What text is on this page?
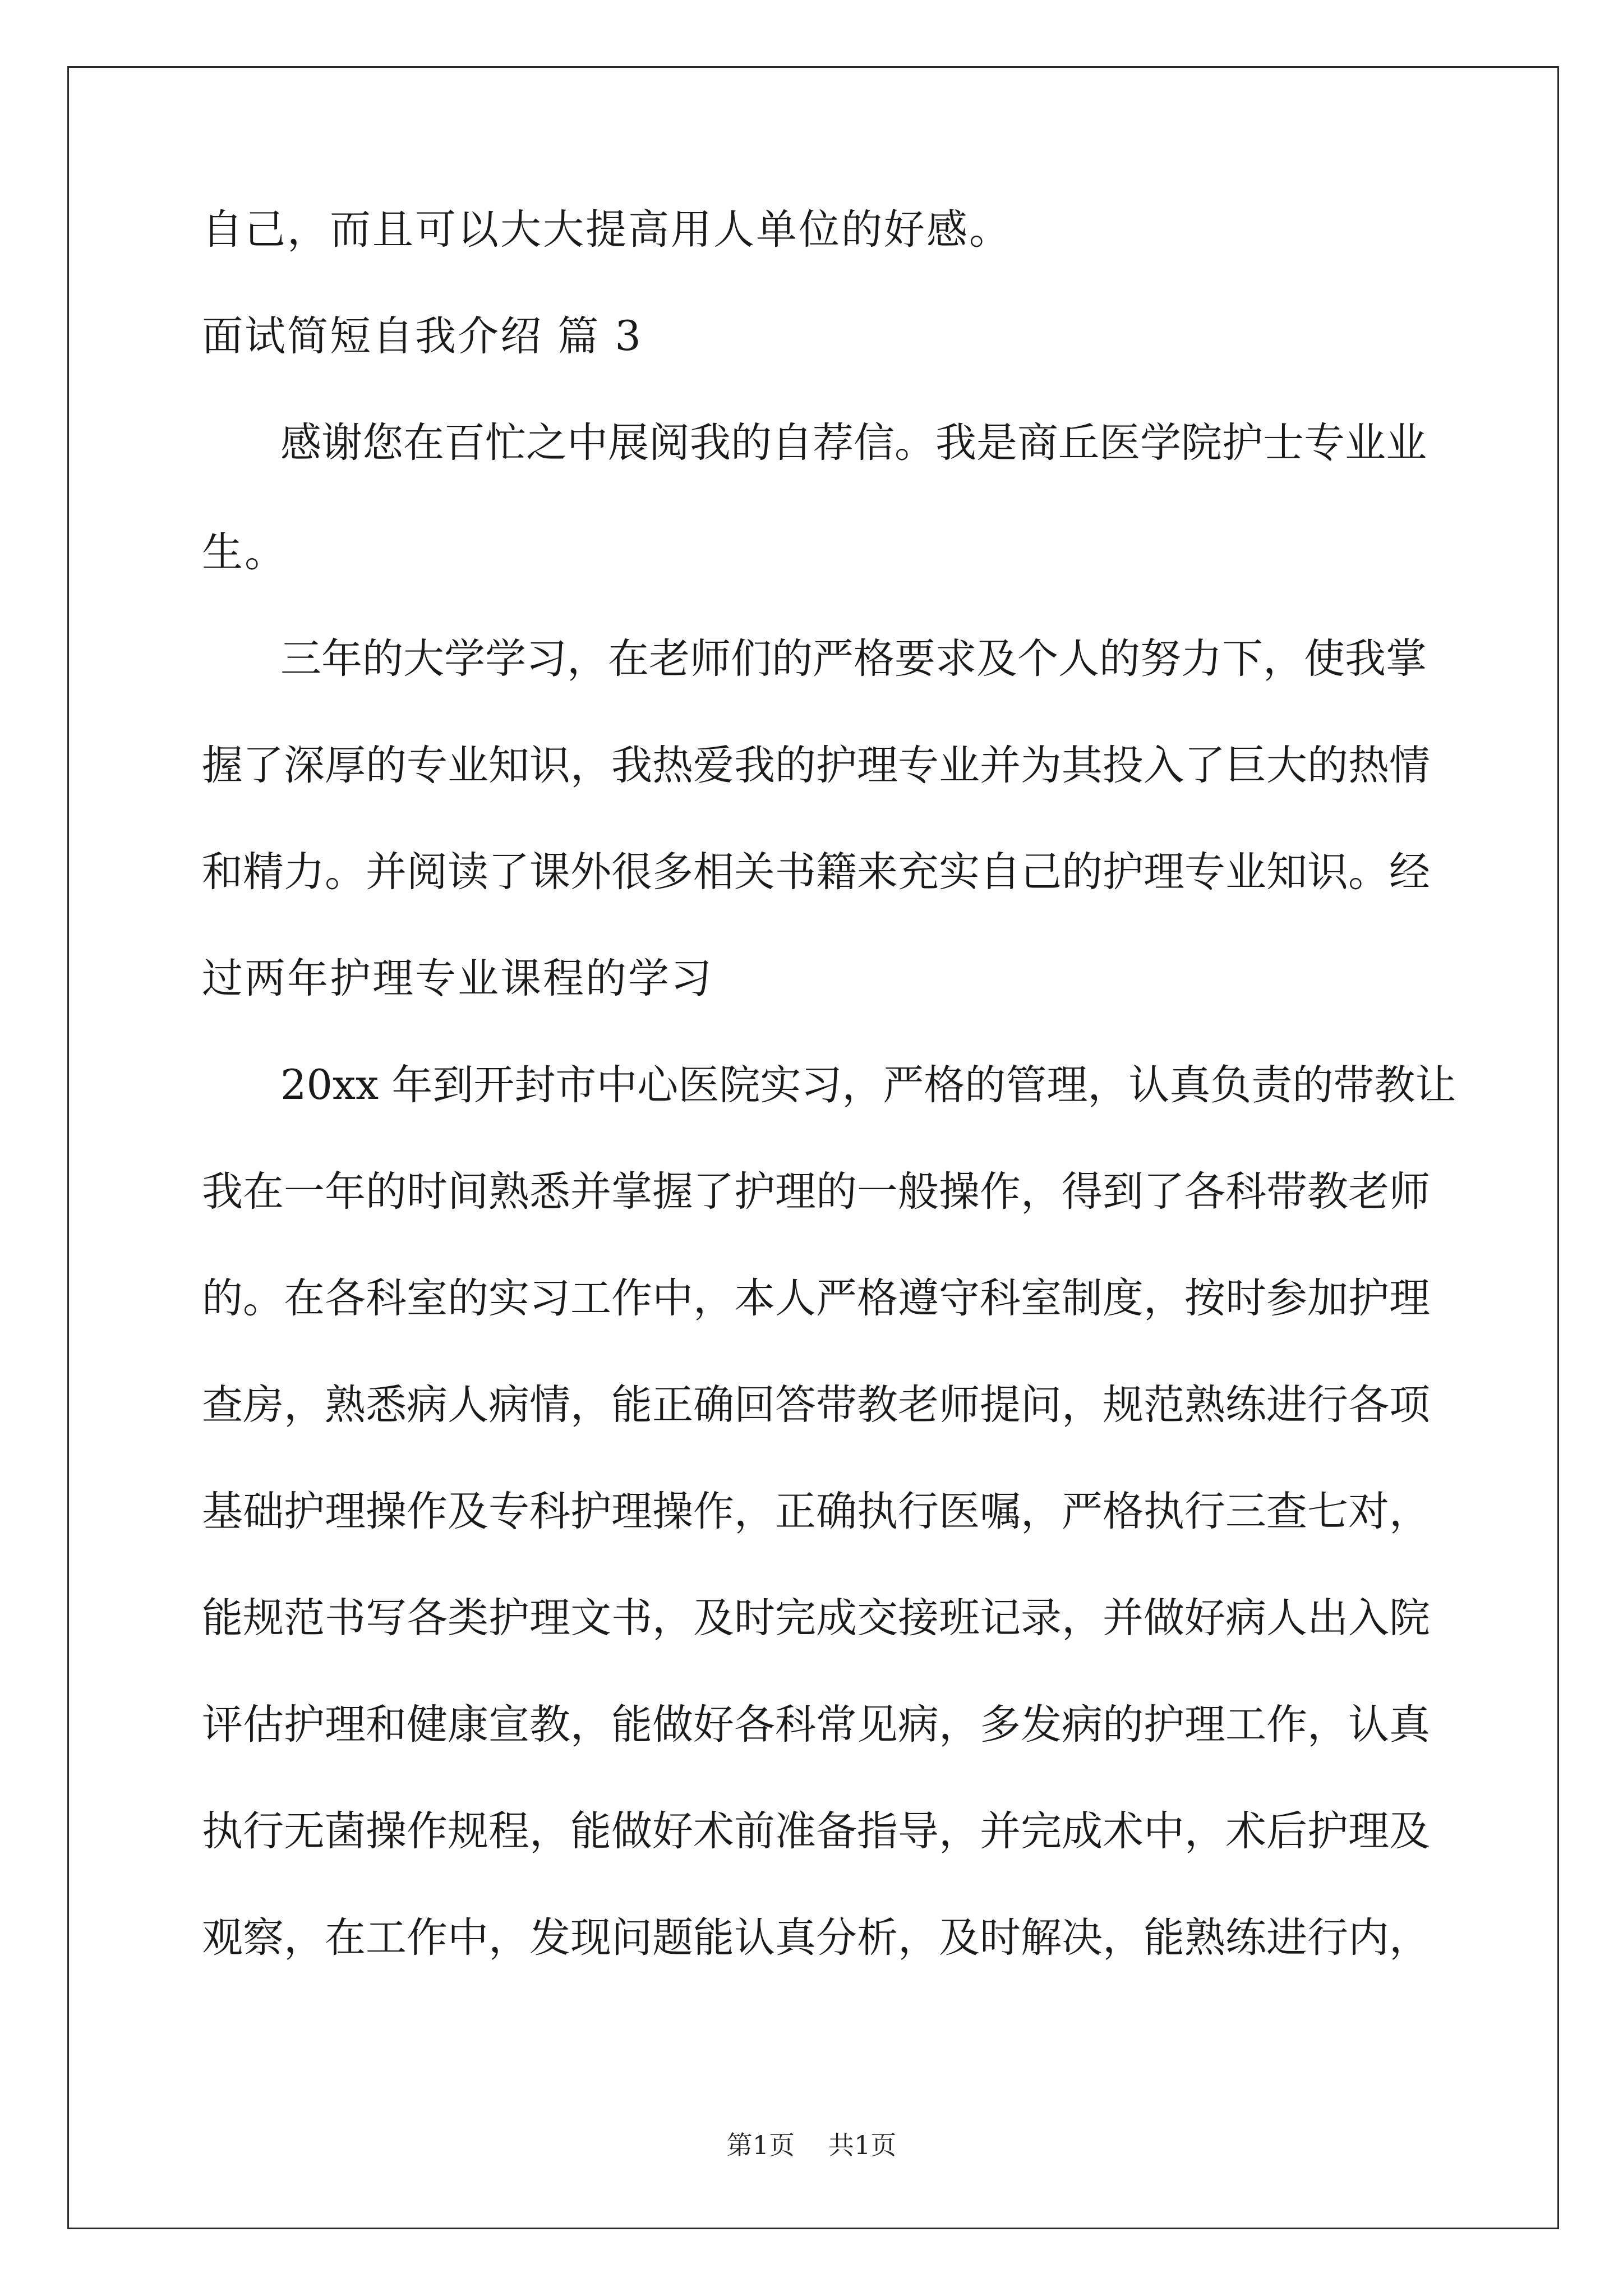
自己，而且可以大大提高用人单位的好感。
面试简短自我介绍 篇 3
感谢您在百忙之中展阅我的自荐信。我是商丘医学院护士专业业
生。
三年的大学学习，在老师们的严格要求及个人的努力下，使我掌
握了深厚的专业知识，我热爱我的护理专业并为其投入了巨大的热情
和精力。并阅读了课外很多相关书籍来充实自己的护理专业知识。经
过两年护理专业课程的学习
20xx 年到开封市中心医院实习，严格的管理，认真负责的带教让
我在一年的时间熟悉并掌握了护理的一般操作，得到了各科带教老师
的。在各科室的实习工作中，本人严格遵守科室制度，按时参加护理
查房，熟悉病人病情，能正确回答带教老师提问，规范熟练进行各项
基础护理操作及专科护理操作，正确执行医嘱，严格执行三查七对，
能规范书写各类护理文书，及时完成交接班记录，并做好病人出入院
评估护理和健康宣教，能做好各科常见病，多发病的护理工作，认真
执行无菌操作规程，能做好术前准备指导，并完成术中，术后护理及
观察，在工作中，发现问题能认真分析，及时解决，能熟练进行内，
第1页 共1页
